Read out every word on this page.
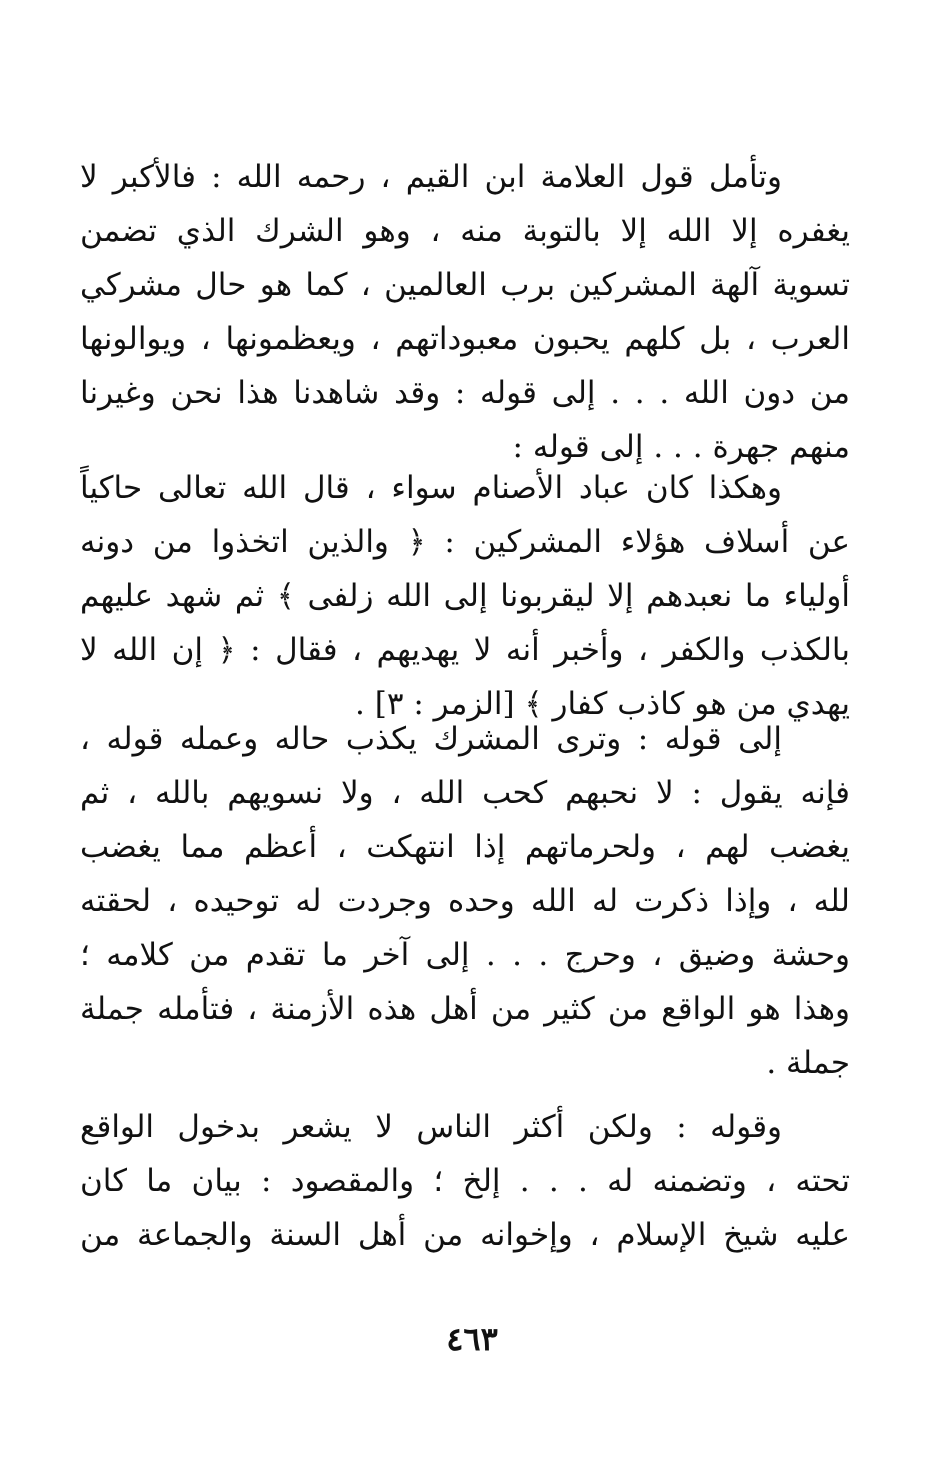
وتأمل قول العلامة ابن القيم ، رحمه الله : فالأكبر لا
يغفره إلا الله إلا بالتوبة منه ، وهو الشرك الذي تضمن
تسوية آلهة المشركين برب العالمين ، كما هو حال مشركي
العرب ، بل كلهم يحبون معبوداتهم ، ويعظمونها ، ويوالونها
من دون الله . . . إلى قوله : وقد شاهدنا هذا نحن وغيرنا
منهم جهرة . . . إلى قوله :
وهكذا كان عباد الأصنام سواء ، قال الله تعالى حاكياً
عن أسلاف هؤلاء المشركين : ﴿ والذين اتخذوا من دونه
أولياء ما نعبدهم إلا ليقربونا إلى الله زلفى ﴾ ثم شهد عليهم
بالكذب والكفر ، وأخبر أنه لا يهديهم ، فقال : ﴿ إن الله لا
يهدي من هو كاذب كفار ﴾ [الزمر : ٣] .
إلى قوله : وترى المشرك يكذب حاله وعمله قوله ،
فإنه يقول : لا نحبهم كحب الله ، ولا نسويهم بالله ، ثم
يغضب لهم ، ولحرماتهم إذا انتهكت ، أعظم مما يغضب
لله ، وإذا ذكرت له الله وحده وجردت له توحيده ، لحقته
وحشة وضيق ، وحرج . . . إلى آخر ما تقدم من كلامه ؛
وهذا هو الواقع من كثير من أهل هذه الأزمنة ، فتأمله جملة
جملة .
وقوله : ولكن أكثر الناس لا يشعر بدخول الواقع
تحته ، وتضمنه له . . . إلخ ؛ والمقصود : بيان ما كان
عليه شيخ الإسلام ، وإخوانه من أهل السنة والجماعة من
٤٦٣
